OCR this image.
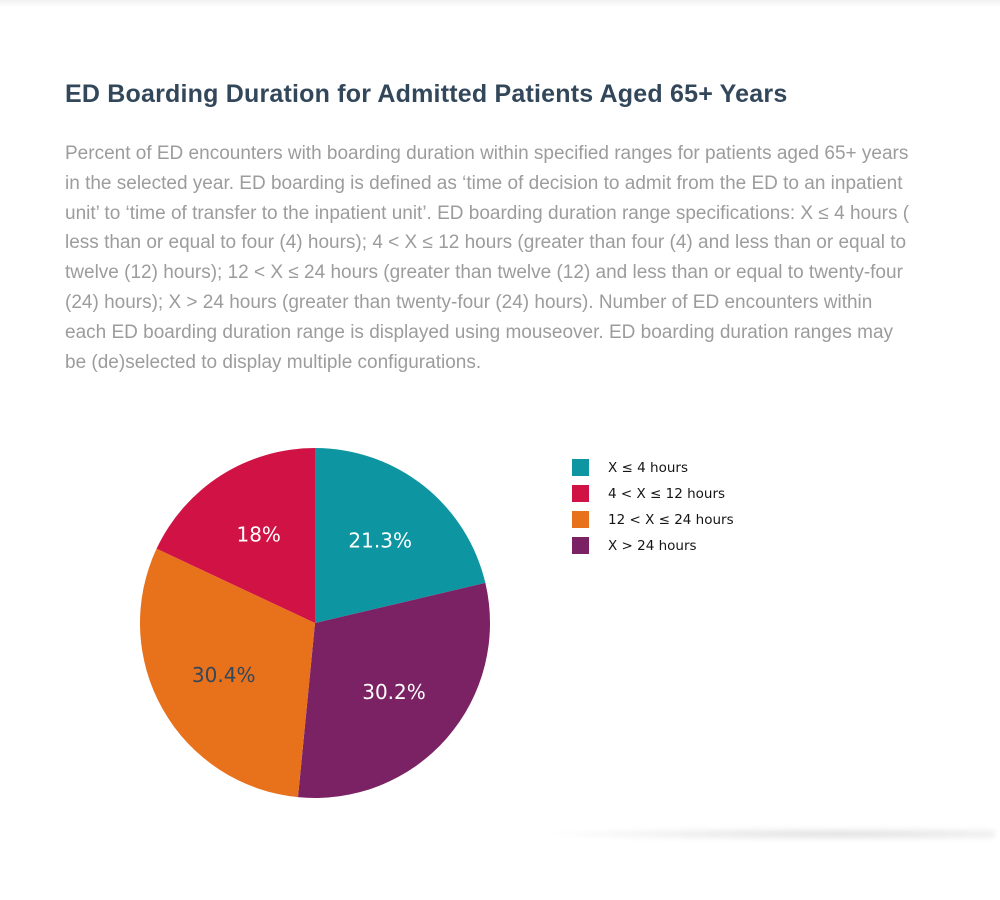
ED Boarding Duration for Admitted Patients Aged 65+ Years

Percent of ED encounters with boarding duration within specified ranges for patients aged 65+ years in the selected year. ED boarding is defined as ‘time of decision to admit from the ED to an inpatient unit’ to ‘time of transfer to the inpatient unit’. ED boarding duration range specifications: X ≤ 4 hours ( less than or equal to four (4) hours); 4 < X ≤ 12 hours (greater than four (4) and less than or equal to twelve (12) hours); 12 < X ≤ 24 hours (greater than twelve (12) and less than or equal to twenty-four (24) hours); X > 24 hours (greater than twenty-four (24) hours). Number of ED encounters within each ED boarding duration range is displayed using mouseover. ED boarding duration ranges may be (de)selected to display multiple configurations.

21.3%
30.2%
30.4%
18%
X ≤ 4 hours
4 < X ≤ 12 hours
12 < X ≤ 24 hours
X > 24 hours
